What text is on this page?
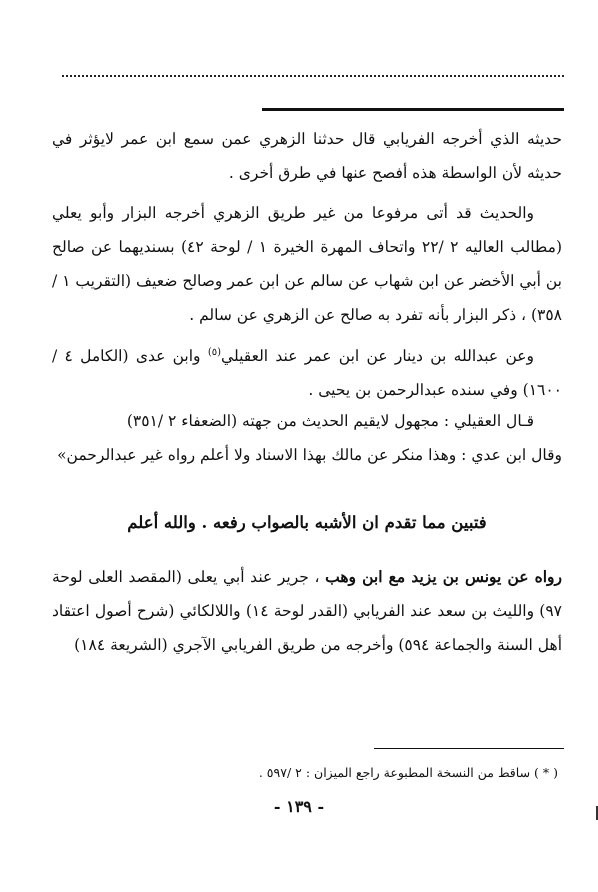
حديثه الذي أخرجه الفريابي قال حدثنا الزهري عمن سمع ابن عمر لايؤثر في حديثه لأن الواسطة هذه أفصح عنها في طرق أخرى .

والحديث قد أتى مرفوعا من غير طريق الزهري أخرجه البزار وأبو يعلي (مطالب العاليه ٢ /٢٢ واتحاف المهرة الخيرة ١ / لوحة ٤٢) بسنديهما عن صالح بن أبي الأخضر عن ابن شهاب عن سالم عن ابن عمر وصالح ضعيف (التقريب ١ /٣٥٨) ، ذكر البزار بأنه تفرد به صالح عن الزهري عن سالم .

وعن عبدالله بن دينار عن ابن عمر عند العقيلي$^{(٥)}$ وابن عدى (الكامل ٤ /١٦٠٠) وفي سنده عبدالرحمن بن يحيى .

قـال العقيلي : مجهول لايقيم الحديث من جهته (الضعفاء ٢ /٣٥١)

وقال ابن عدي : وهذا منكر عن مالك بهذا الاسناد ولا أعلم رواه غير عبدالرحمن»

فتبين مما تقدم ان الأشبه بالصواب رفعه . والله أعلم

رواه عن يونس بن يزيد مع ابن وهب ، جرير عند أبي يعلى (المقصد العلى لوحة ٩٧) والليث بن سعد عند الفريابي (القدر لوحة ١٤) واللالكائي (شرح أصول اعتقاد أهل السنة والجماعة ٥٩٤) وأخرجه من طريق الفريابي الآجري (الشريعة ١٨٤)

( * ) ساقط من النسخة المطبوعة راجع الميزان : ٢ /٥٩٧ .
- ١٣٩ -
